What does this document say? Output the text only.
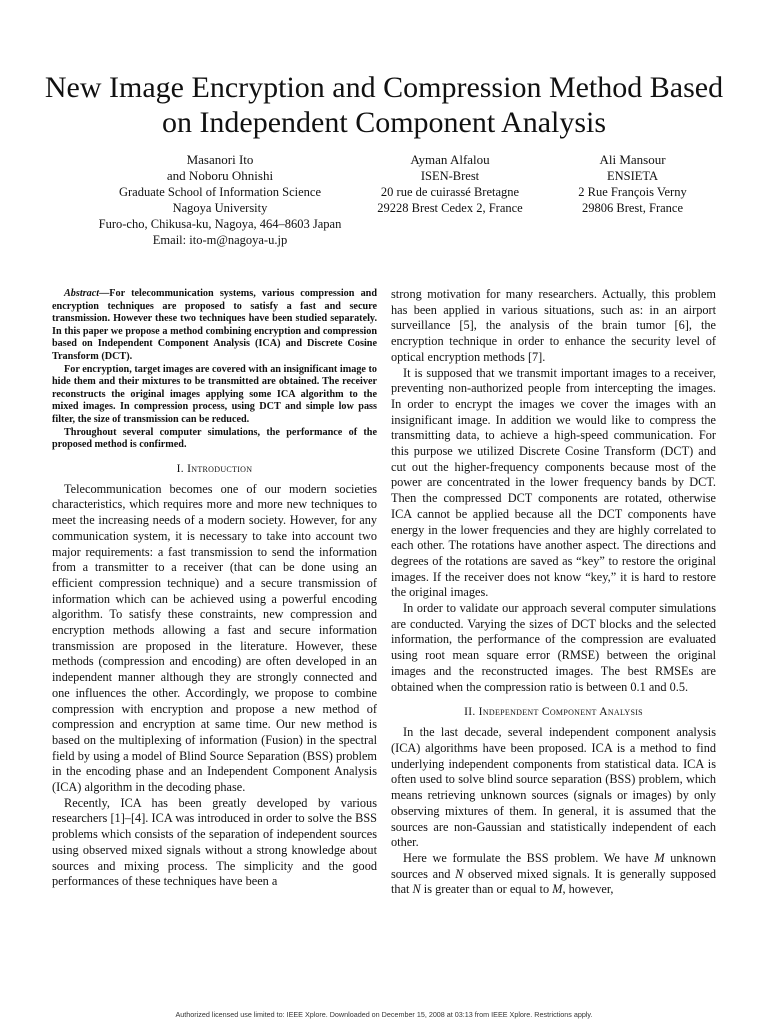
New Image Encryption and Compression Method Based on Independent Component Analysis
Masanori Ito
and Noboru Ohnishi
Graduate School of Information Science
Nagoya University
Furo-cho, Chikusa-ku, Nagoya, 464–8603 Japan
Email: ito-m@nagoya-u.jp
Ayman Alfalou
ISEN-Brest
20 rue de cuirassé Bretagne
29228 Brest Cedex 2, France
Ali Mansour
ENSIETA
2 Rue François Verny
29806 Brest, France

Abstract—For telecommunication systems, various compression and encryption techniques are proposed to satisfy a fast and secure transmission. However these two techniques have been studied separately. In this paper we propose a method combining encryption and compression based on Independent Component Analysis (ICA) and Discrete Cosine Transform (DCT).

For encryption, target images are covered with an insignificant image to hide them and their mixtures to be transmitted are obtained. The receiver reconstructs the original images applying some ICA algorithm to the mixed images. In compression process, using DCT and simple low pass filter, the size of transmission can be reduced.

Throughout several computer simulations, the performance of the proposed method is confirmed.

I. Introduction

Telecommunication becomes one of our modern societies characteristics, which requires more and more new techniques to meet the increasing needs of a modern society. However, for any communication system, it is necessary to take into account two major requirements: a fast transmission to send the information from a transmitter to a receiver (that can be done using an efficient compression technique) and a secure transmission of information which can be achieved using a powerful encoding algorithm. To satisfy these constraints, new compression and encryption methods allowing a fast and secure information transmission are proposed in the literature. However, these methods (compression and encoding) are often developed in an independent manner although they are strongly connected and one influences the other. Accordingly, we propose to combine compression with encryption and propose a new method of compression and encryption at same time. Our new method is based on the multiplexing of information (Fusion) in the spectral field by using a model of Blind Source Separation (BSS) problem in the encoding phase and an Independent Component Analysis (ICA) algorithm in the decoding phase.

Recently, ICA has been greatly developed by various researchers [1]–[4]. ICA was introduced in order to solve the BSS problems which consists of the separation of independent sources using observed mixed signals without a strong knowledge about sources and mixing process. The simplicity and the good performances of these techniques have been a

strong motivation for many researchers. Actually, this problem has been applied in various situations, such as: in an airport surveillance [5], the analysis of the brain tumor [6], the encryption technique in order to enhance the security level of optical encryption methods [7].

It is supposed that we transmit important images to a receiver, preventing non-authorized people from intercepting the images. In order to encrypt the images we cover the images with an insignificant image. In addition we would like to compress the transmitting data, to achieve a high-speed communication. For this purpose we utilized Discrete Cosine Transform (DCT) and cut out the higher-frequency components because most of the power are concentrated in the lower frequency bands by DCT. Then the compressed DCT components are rotated, otherwise ICA cannot be applied because all the DCT components have energy in the lower frequencies and they are highly correlated to each other. The rotations have another aspect. The directions and degrees of the rotations are saved as “key” to restore the original images. If the receiver does not know “key,” it is hard to restore the original images.

In order to validate our approach several computer simulations are conducted. Varying the sizes of DCT blocks and the selected information, the performance of the compression are evaluated using root mean square error (RMSE) between the original images and the reconstructed images. The best RMSEs are obtained when the compression ratio is between 0.1 and 0.5.

II. Independent Component Analysis

In the last decade, several independent component analysis (ICA) algorithms have been proposed. ICA is a method to find underlying independent components from statistical data. ICA is often used to solve blind source separation (BSS) problem, which means retrieving unknown sources (signals or images) by only observing mixtures of them. In general, it is assumed that the sources are non-Gaussian and statistically independent of each other.

Here we formulate the BSS problem. We have M unknown sources and N observed mixed signals. It is generally supposed that N is greater than or equal to M, however,

Authorized licensed use limited to: IEEE Xplore. Downloaded on December 15, 2008 at 03:13 from IEEE Xplore. Restrictions apply.
